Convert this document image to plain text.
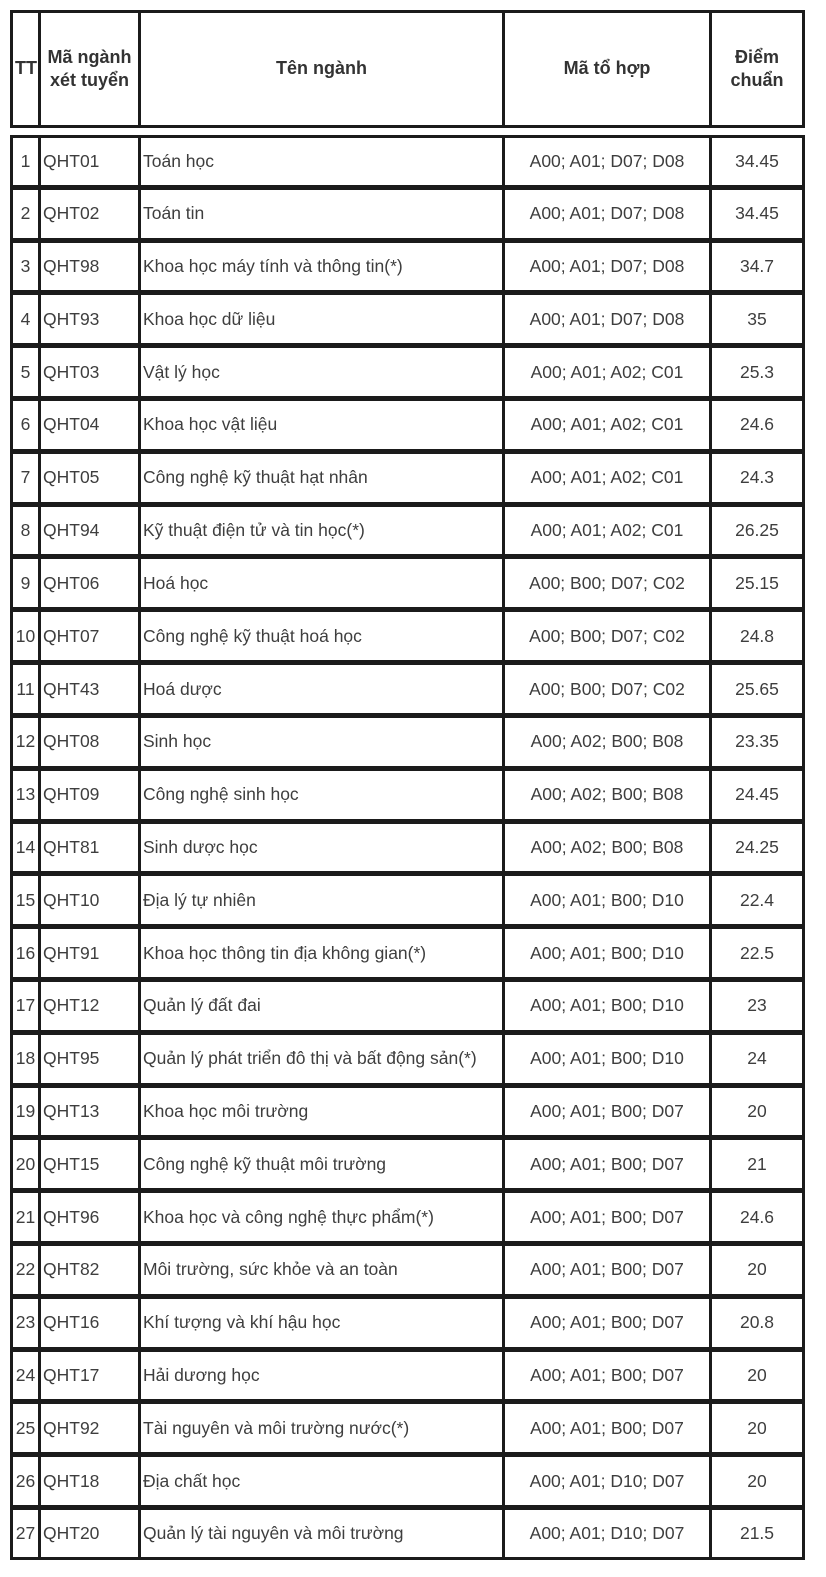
TT	Mã ngành xét tuyển	Tên ngành	Mã tổ hợp	Điểm chuẩn
1	QHT01	Toán học	A00; A01; D07; D08	34.45
2	QHT02	Toán tin	A00; A01; D07; D08	34.45
3	QHT98	Khoa học máy tính và thông tin(*)	A00; A01; D07; D08	34.7
4	QHT93	Khoa học dữ liệu	A00; A01; D07; D08	35
5	QHT03	Vật lý học	A00; A01; A02; C01	25.3
6	QHT04	Khoa học vật liệu	A00; A01; A02; C01	24.6
7	QHT05	Công nghệ kỹ thuật hạt nhân	A00; A01; A02; C01	24.3
8	QHT94	Kỹ thuật điện tử và tin học(*)	A00; A01; A02; C01	26.25
9	QHT06	Hoá học	A00; B00; D07; C02	25.15
10	QHT07	Công nghệ kỹ thuật hoá học	A00; B00; D07; C02	24.8
11	QHT43	Hoá dược	A00; B00; D07; C02	25.65
12	QHT08	Sinh học	A00; A02; B00; B08	23.35
13	QHT09	Công nghệ sinh học	A00; A02; B00; B08	24.45
14	QHT81	Sinh dược học	A00; A02; B00; B08	24.25
15	QHT10	Địa lý tự nhiên	A00; A01; B00; D10	22.4
16	QHT91	Khoa học thông tin địa không gian(*)	A00; A01; B00; D10	22.5
17	QHT12	Quản lý đất đai	A00; A01; B00; D10	23
18	QHT95	Quản lý phát triển đô thị và bất động sản(*)	A00; A01; B00; D10	24
19	QHT13	Khoa học môi trường	A00; A01; B00; D07	20
20	QHT15	Công nghệ kỹ thuật môi trường	A00; A01; B00; D07	21
21	QHT96	Khoa học và công nghệ thực phẩm(*)	A00; A01; B00; D07	24.6
22	QHT82	Môi trường, sức khỏe và an toàn	A00; A01; B00; D07	20
23	QHT16	Khí tượng và khí hậu học	A00; A01; B00; D07	20.8
24	QHT17	Hải dương học	A00; A01; B00; D07	20
25	QHT92	Tài nguyên và môi trường nước(*)	A00; A01; B00; D07	20
26	QHT18	Địa chất học	A00; A01; D10; D07	20
27	QHT20	Quản lý tài nguyên và môi trường	A00; A01; D10; D07	21.5
